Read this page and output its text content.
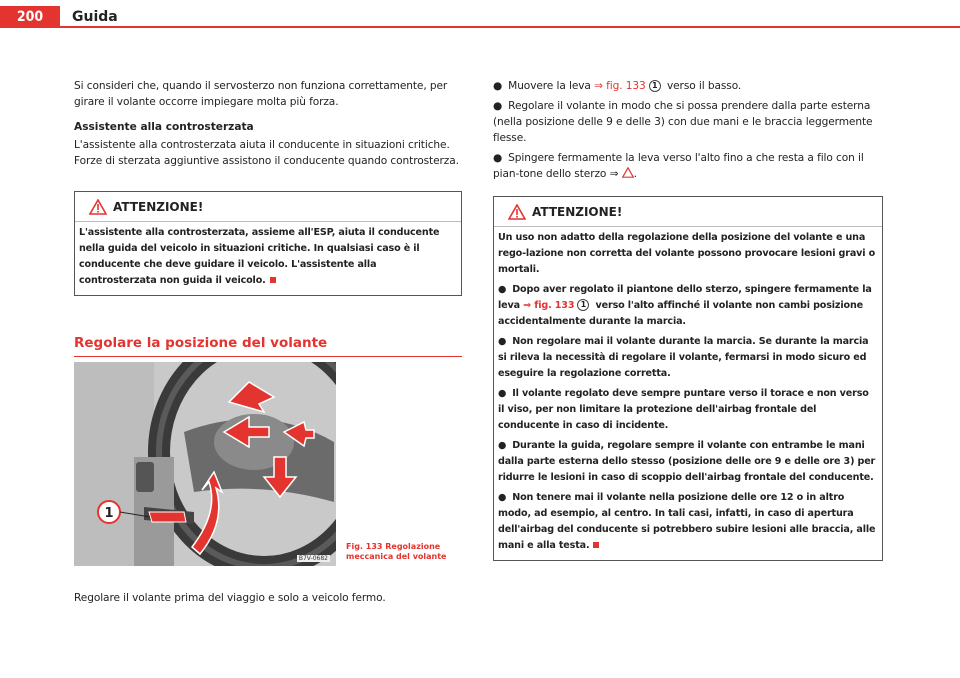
200	Guida

Si consideri che, quando il servosterzo non funziona correttamente, per girare il volante occorre impiegare molta più forza.

Assistente alla controsterzata

L'assistente alla controsterzata aiuta il conducente in situazioni critiche. Forze di sterzata aggiuntive assistono il conducente quando controsterza.

ATTENZIONE!

L'assistente alla controsterzata, assieme all'ESP, aiuta il conducente nella guida del veicolo in situazioni critiche. In qualsiasi caso è il conducente che deve guidare il veicolo. L'assistente alla controsterzata non guida il veicolo.

Regolare la posizione del volante
1
B7V-0682
Fig. 133 Regolazione meccanica del volante

Regolare il volante prima del viaggio e solo a veicolo fermo.

● Muovere la leva ⇒ fig. 133 1 verso il basso.

● Regolare il volante in modo che si possa prendere dalla parte esterna (nella posizione delle 9 e delle 3) con due mani e le braccia leggermente flesse.

● Spingere fermamente la leva verso l'alto fino a che resta a filo con il pian-tone dello sterzo ⇒ .

ATTENZIONE!

Un uso non adatto della regolazione della posizione del volante e una rego-lazione non corretta del volante possono provocare lesioni gravi o mortali.

● Dopo aver regolato il piantone dello sterzo, spingere fermamente la leva ⇒ fig. 133 1 verso l'alto affinché il volante non cambi posizione accidentalmente durante la marcia.

● Non regolare mai il volante durante la marcia. Se durante la marcia si rileva la necessità di regolare il volante, fermarsi in modo sicuro ed eseguire la regolazione corretta.

● Il volante regolato deve sempre puntare verso il torace e non verso il viso, per non limitare la protezione dell'airbag frontale del conducente in caso di incidente.

● Durante la guida, regolare sempre il volante con entrambe le mani dalla parte esterna dello stesso (posizione delle ore 9 e delle ore 3) per ridurre le lesioni in caso di scoppio dell'airbag frontale del conducente.

● Non tenere mai il volante nella posizione delle ore 12 o in altro modo, ad esempio, al centro. In tali casi, infatti, in caso di apertura dell'airbag del conducente si potrebbero subire lesioni alle braccia, alle mani e alla testa.
